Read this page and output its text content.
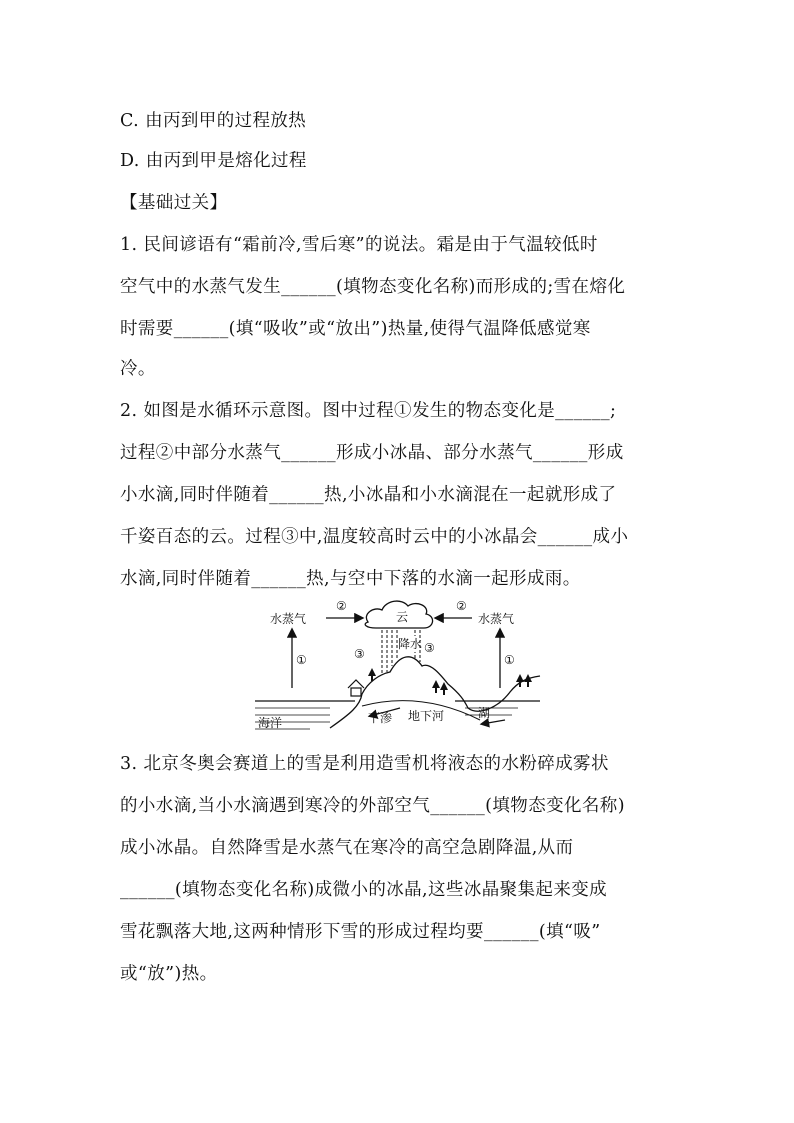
C. 由丙到甲的过程放热
D. 由丙到甲是熔化过程
【基础过关】
1. 民间谚语有“霜前冷,雪后寒”的说法。霜是由于气温较低时
空气中的水蒸气发生______(填物态变化名称)而形成的;雪在熔化
时需要______(填“吸收”或“放出”)热量,使得气温降低感觉寒
冷。
2. 如图是水循环示意图。图中过程①发生的物态变化是______;
过程②中部分水蒸气______形成小冰晶、部分水蒸气______形成
小水滴,同时伴随着______热,小冰晶和小水滴混在一起就形成了
千姿百态的云。过程③中,温度较高时云中的小冰晶会______成小
水滴,同时伴随着______热,与空中下落的水滴一起形成雨。
水蒸气	水蒸气
云
降水
海洋	下渗 地下河	湖
①	①
②	②
③	③
3. 北京冬奥会赛道上的雪是利用造雪机将液态的水粉碎成雾状
的小水滴,当小水滴遇到寒冷的外部空气______(填物态变化名称)
成小冰晶。自然降雪是水蒸气在寒冷的高空急剧降温,从而
______(填物态变化名称)成微小的冰晶,这些冰晶聚集起来变成
雪花飘落大地,这两种情形下雪的形成过程均要______(填“吸”
或“放”)热。
